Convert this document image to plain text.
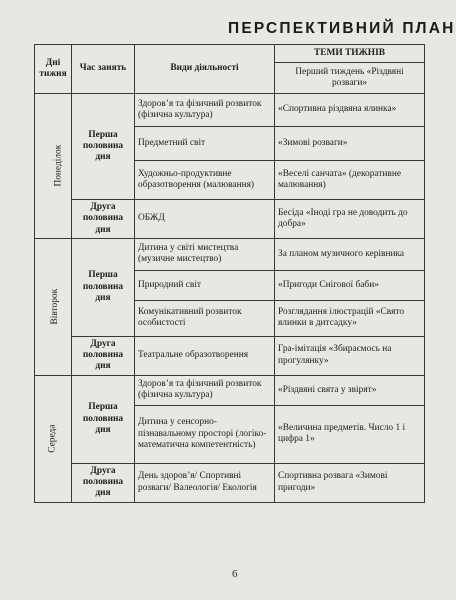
ПЕРСПЕКТИВНИЙ ПЛАН
Дні тижня	Час занять	Види діяльності	ТЕМИ ТИЖНІВ
			Перший тиждень «Різдвяні розваги»
Понеділок	Перша половина дня	Здоров’я та фізичний розвиток (фізична культура)	«Спортивна різдвяна ялинка»
		Предметний світ	«Зимові розваги»
		Художньо-продуктивне образотворення (малювання)	«Веселі санчата» (декоративне малювання)
	Друга половина дня	ОБЖД	Бесіда «Іноді гра не доводить до добра»
Вівторок	Перша половина дня	Дитина у світі мистецтва (музичне мистецтво)	За планом музичного керівника
		Природний світ	«Пригоди Снігової баби»
		Комунікативний розвиток особистості	Розглядання ілюстрацій «Свято ялинки в дитсадку»
	Друга половина дня	Театральне образотворення	Гра-імітація «Збираємось на прогулянку»
Середа	Перша половина дня	Здоров’я та фізичний розвиток (фізична культура)	«Різдвяні свята у звірят»
		Дитина у сенсорно-пізнавальному просторі (логіко-математична компетентність)	«Величина предметів. Число 1 і цифра 1»
	Друга половина дня	День здоров’я/ Спортивні розваги/ Валеологія/ Екологія	Спортивна розвага «Зимові пригоди»
6
